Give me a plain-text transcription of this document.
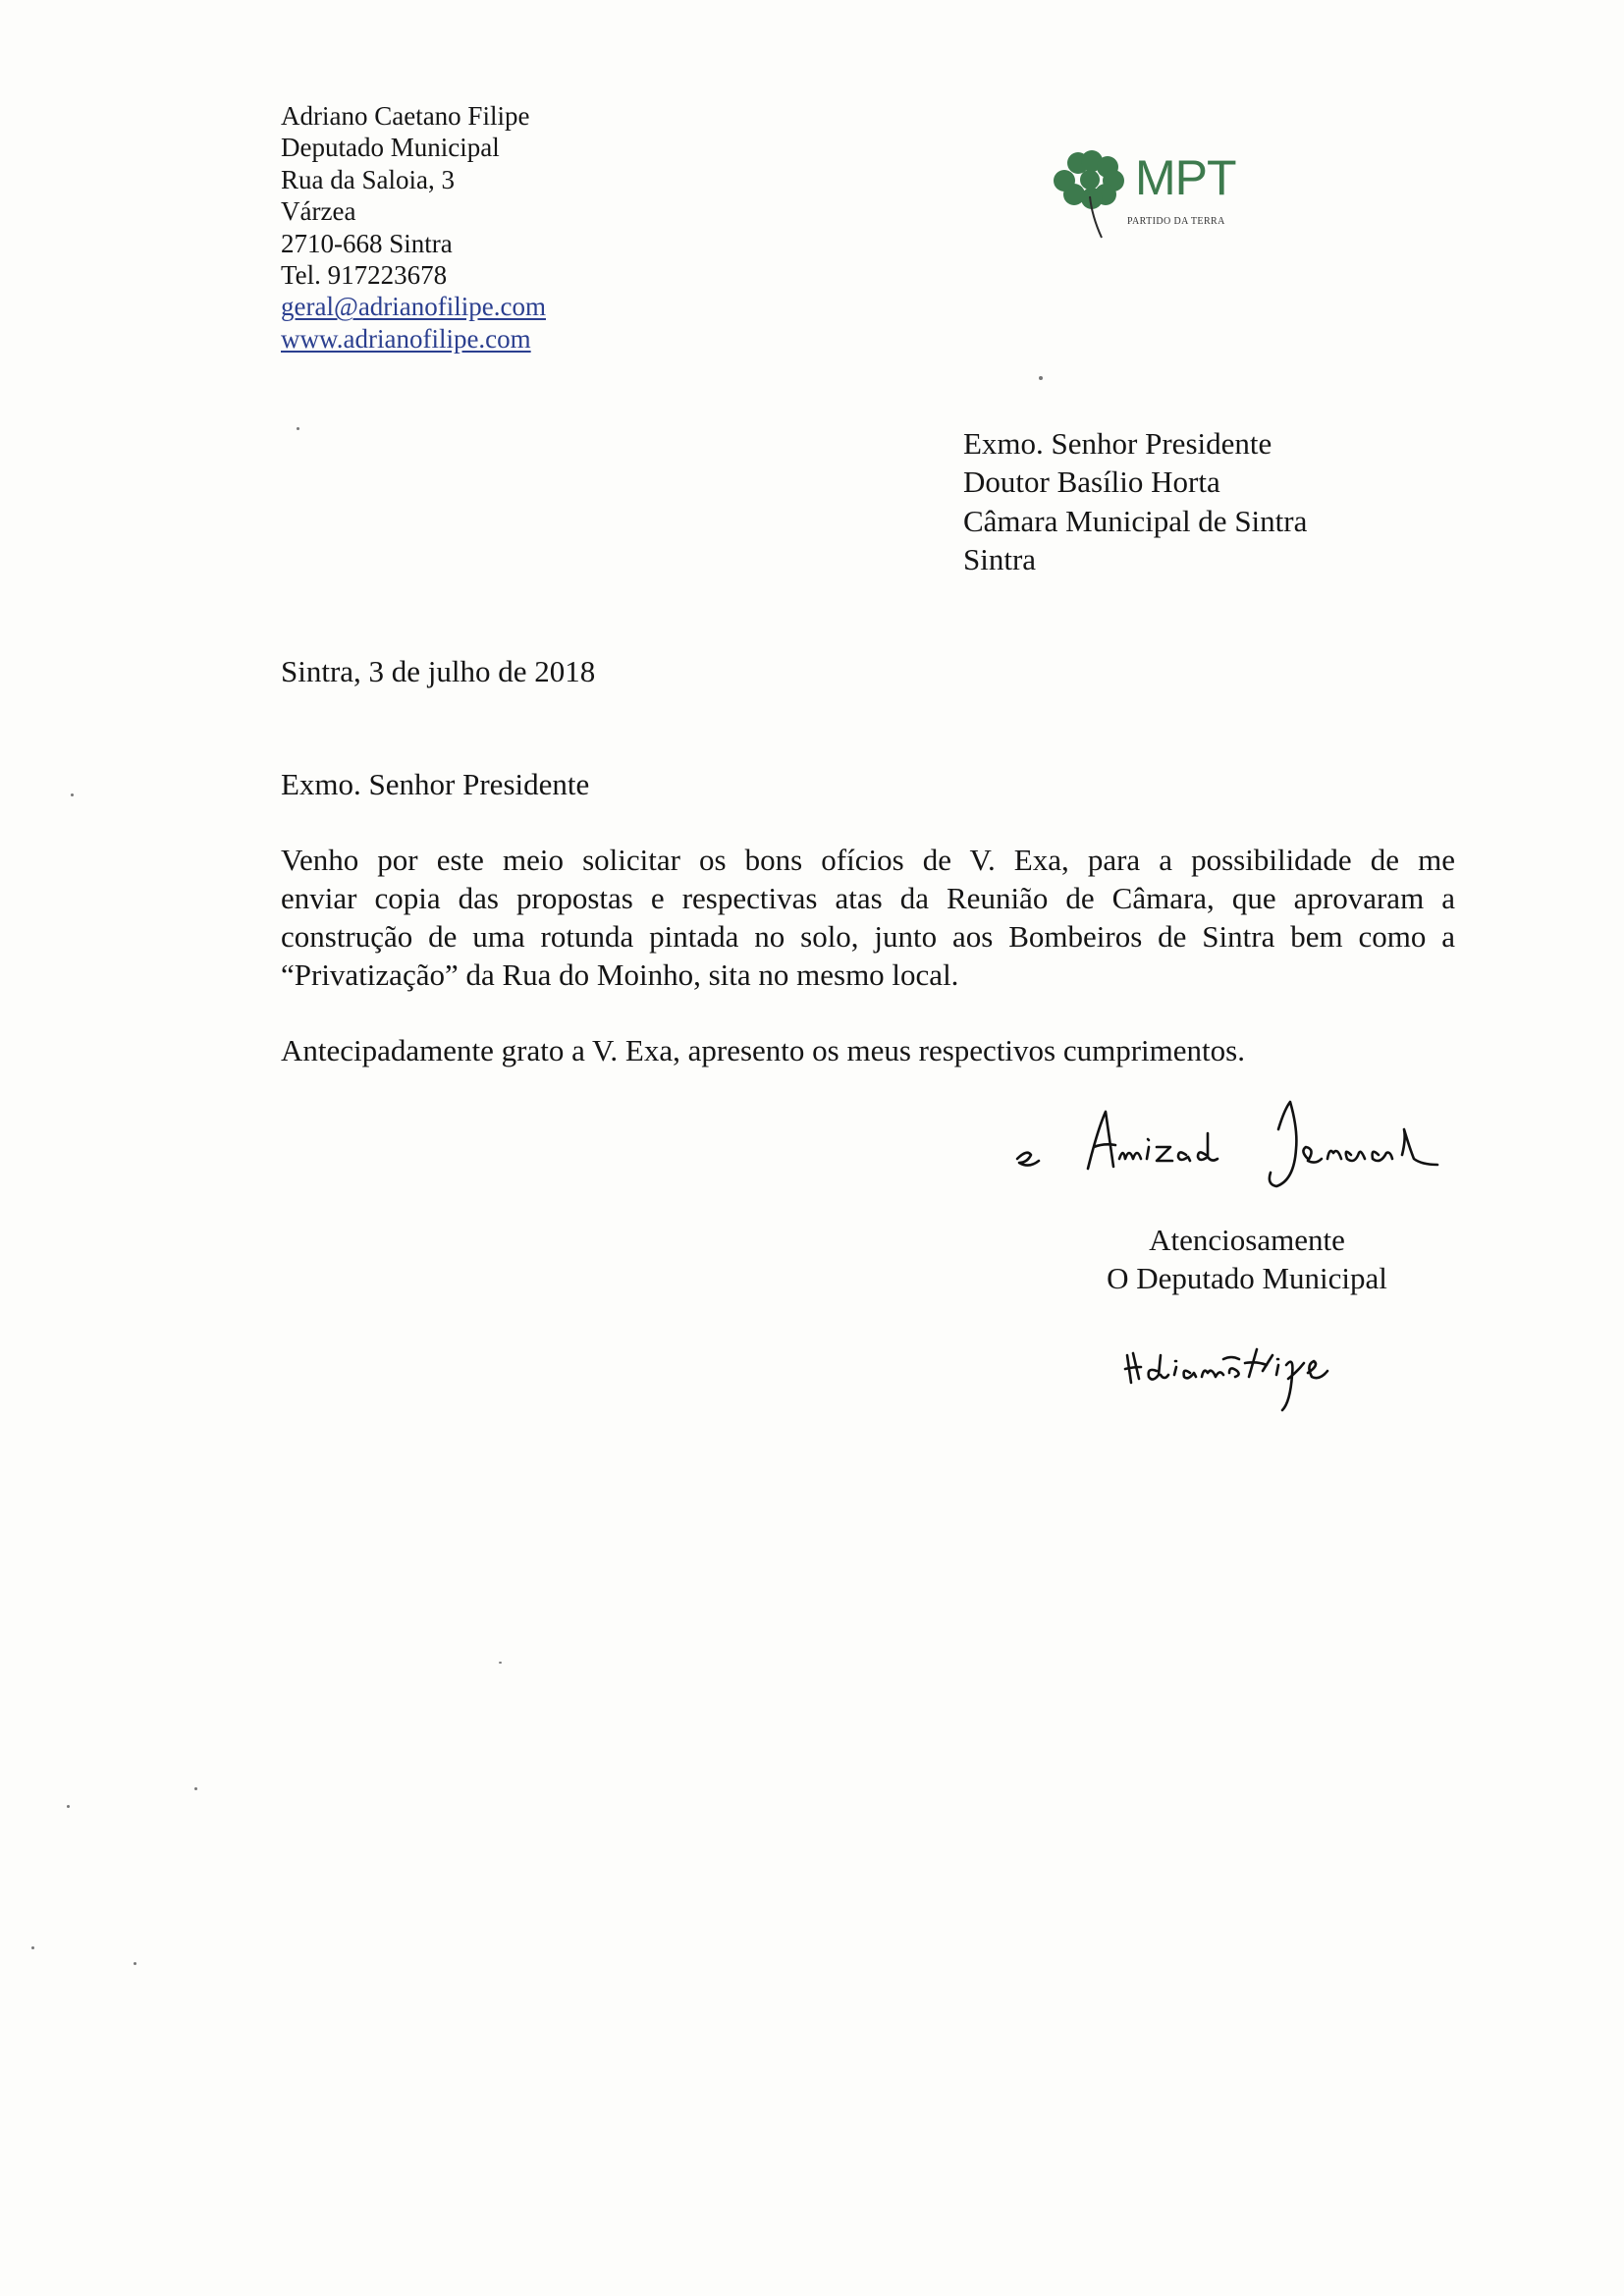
Adriano Caetano Filipe
Deputado Municipal
Rua da Saloia, 3
Várzea
2710-668 Sintra
Tel. 917223678
geral@adrianofilipe.com
www.adrianofilipe.com
MPT
PARTIDO DA TERRA
Exmo. Senhor Presidente
Doutor Basílio Horta
Câmara Municipal de Sintra
Sintra
Sintra, 3 de julho de 2018
Exmo. Senhor Presidente
Venho por este meio solicitar os bons ofícios de V. Exa, para a possibilidade de me
enviar copia das propostas e respectivas atas da Reunião de Câmara, que aprovaram a
construção de uma rotunda pintada no solo, junto aos Bombeiros de Sintra bem como a
“Privatização” da Rua do Moinho, sita no mesmo local.
Antecipadamente grato a V. Exa, apresento os meus respectivos cumprimentos.
Atenciosamente
O Deputado Municipal
